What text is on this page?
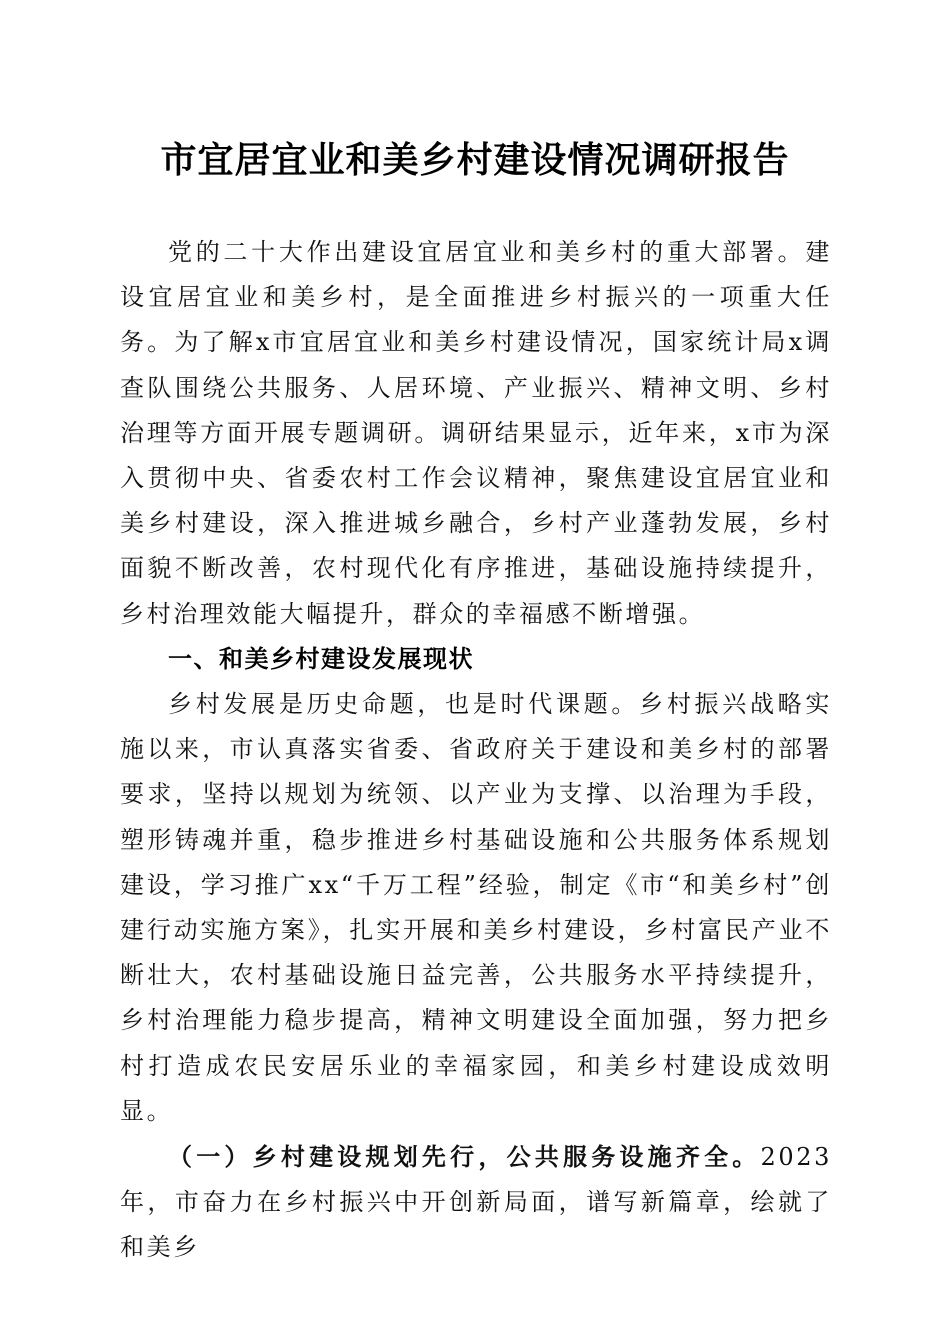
市宜居宜业和美乡村建设情况调研报告

党的二十大作出建设宜居宜业和美乡村的重大部署。建设宜居宜业和美乡村，是全面推进乡村振兴的一项重大任务。为了解x市宜居宜业和美乡村建设情况，国家统计局x调查队围绕公共服务、人居环境、产业振兴、精神文明、乡村治理等方面开展专题调研。调研结果显示，近年来，x市为深入贯彻中央、省委农村工作会议精神，聚焦建设宜居宜业和美乡村建设，深入推进城乡融合，乡村产业蓬勃发展，乡村面貌不断改善，农村现代化有序推进，基础设施持续提升，乡村治理效能大幅提升，群众的幸福感不断增强。

一、和美乡村建设发展现状

乡村发展是历史命题，也是时代课题。乡村振兴战略实施以来，市认真落实省委、省政府关于建设和美乡村的部署要求，坚持以规划为统领、以产业为支撑、以治理为手段，塑形铸魂并重，稳步推进乡村基础设施和公共服务体系规划建设，学习推广xx“千万工程”经验，制定《市“和美乡村”创建行动实施方案》，扎实开展和美乡村建设，乡村富民产业不断壮大，农村基础设施日益完善，公共服务水平持续提升，乡村治理能力稳步提高，精神文明建设全面加强，努力把乡村打造成农民安居乐业的幸福家园，和美乡村建设成效明显。

（一）乡村建设规划先行，公共服务设施齐全。2023年，市奋力在乡村振兴中开创新局面，谱写新篇章，绘就了和美乡
